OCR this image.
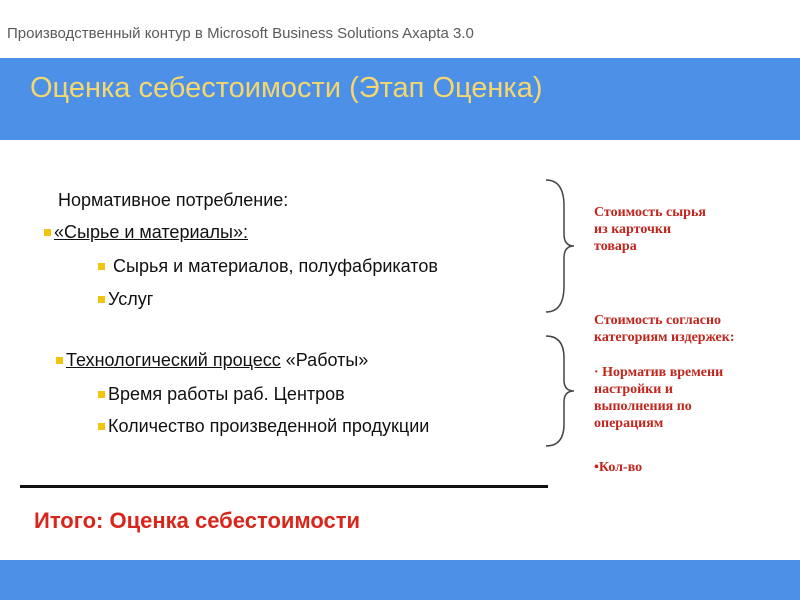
Производственный контур в Microsoft Business Solutions Axapta 3.0
Оценка себестоимости (Этап Оценка)
Нормативное потребление:
«Сырье и материалы»:
Сырья и материалов, полуфабрикатов
Услуг
Технологический процесс «Работы»
Время работы раб. Центров
Количество произведенной продукции
Стоимость сырья
из карточки
товара
Стоимость согласно
категориям издержек:
· Норматив времени
настройки и
выполнения по
операциям
•Кол-во
Итого: Оценка себестоимости
